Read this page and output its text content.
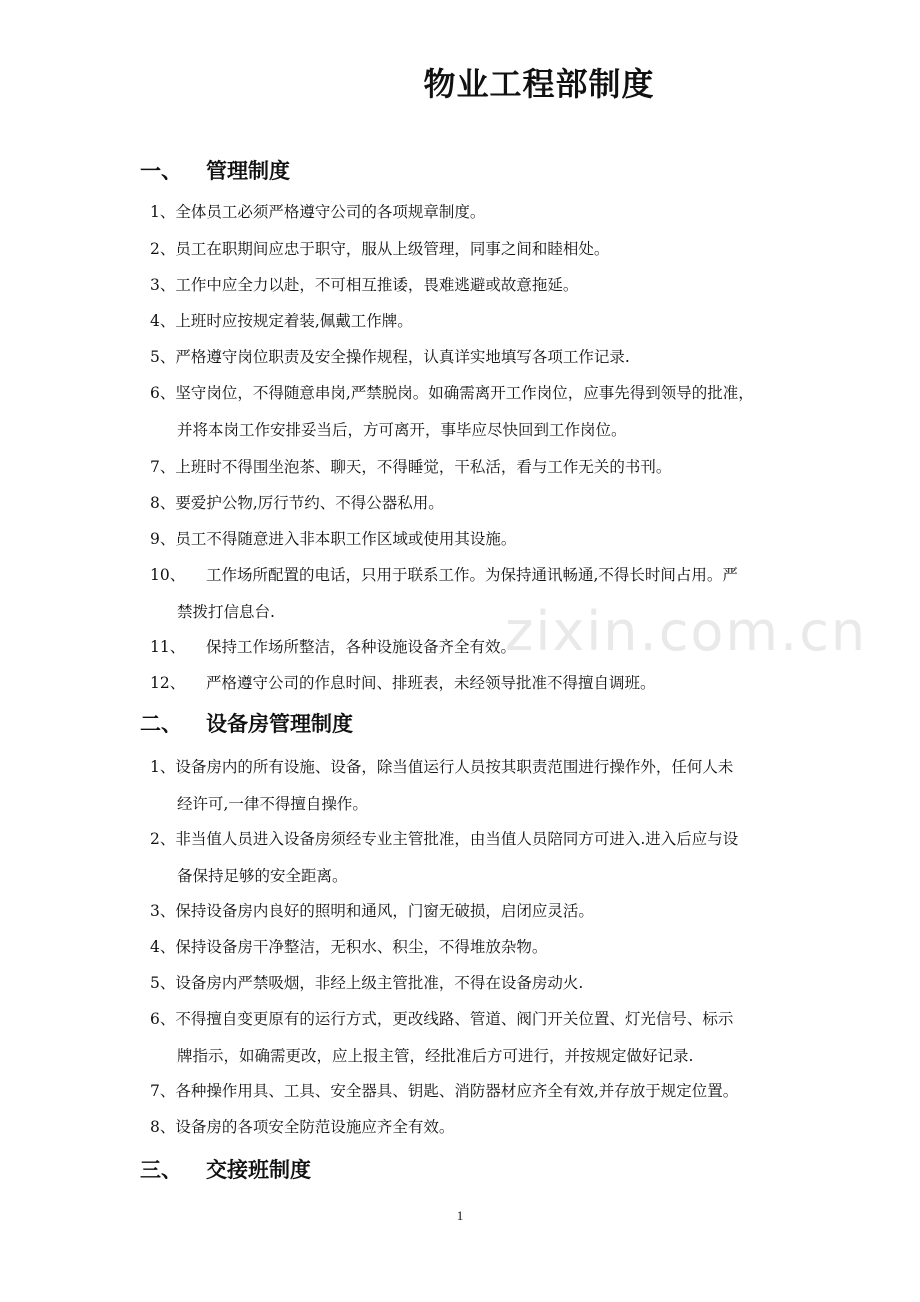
物业工程部制度
一、 管理制度
1、全体员工必须严格遵守公司的各项规章制度。
2、员工在职期间应忠于职守，服从上级管理，同事之间和睦相处。
3、工作中应全力以赴，不可相互推诿，畏难逃避或故意拖延。
4、上班时应按规定着装,佩戴工作牌。
5、严格遵守岗位职责及安全操作规程，认真详实地填写各项工作记录.
6、坚守岗位，不得随意串岗,严禁脱岗。如确需离开工作岗位，应事先得到领导的批准，
并将本岗工作安排妥当后，方可离开，事毕应尽快回到工作岗位。
7、上班时不得围坐泡茶、聊天，不得睡觉，干私活，看与工作无关的书刊。
8、要爱护公物,厉行节约、不得公器私用。
9、员工不得随意进入非本职工作区域或使用其设施。
10、 工作场所配置的电话，只用于联系工作。为保持通讯畅通,不得长时间占用。严
禁拨打信息台.
11、 保持工作场所整洁，各种设施设备齐全有效。
12、 严格遵守公司的作息时间、排班表，未经领导批准不得擅自调班。
二、 设备房管理制度
1、设备房内的所有设施、设备，除当值运行人员按其职责范围进行操作外，任何人未
经许可,一律不得擅自操作。
2、非当值人员进入设备房须经专业主管批准，由当值人员陪同方可进入.进入后应与设
备保持足够的安全距离。
3、保持设备房内良好的照明和通风，门窗无破损，启闭应灵活。
4、保持设备房干净整洁，无积水、积尘，不得堆放杂物。
5、设备房内严禁吸烟，非经上级主管批准，不得在设备房动火.
6、不得擅自变更原有的运行方式，更改线路、管道、阀门开关位置、灯光信号、标示
牌指示，如确需更改，应上报主管，经批准后方可进行，并按规定做好记录.
7、各种操作用具、工具、安全器具、钥匙、消防器材应齐全有效,并存放于规定位置。
8、设备房的各项安全防范设施应齐全有效。
三、 交接班制度
zixin.com.cn
1
